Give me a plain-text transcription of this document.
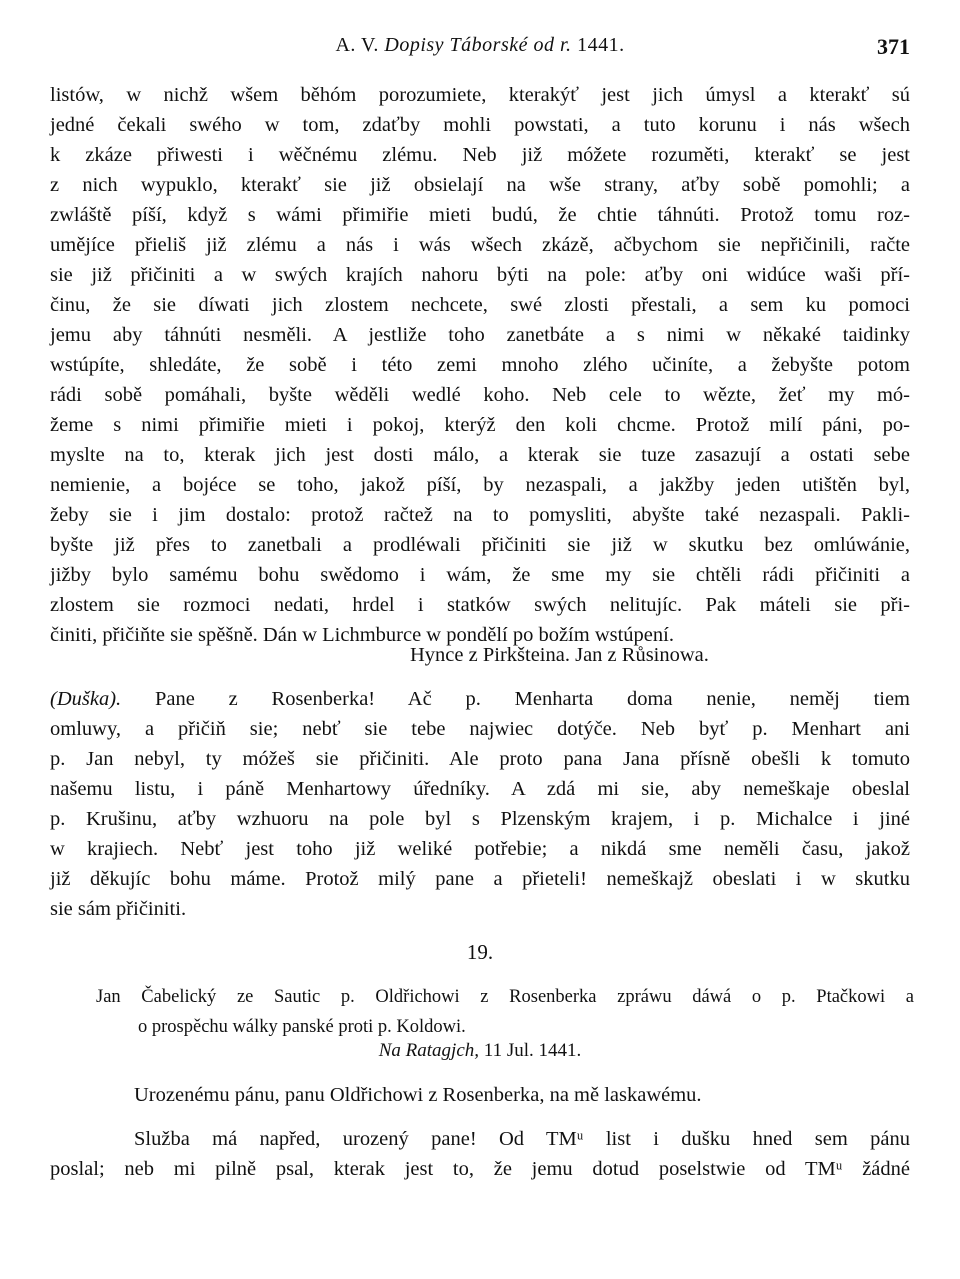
A. V. Dopisy Táborské od r. 1441.	371
listów, w nichž wšem běhóm porozumiete, kterakýť jest jich úmysl a kterakť sú
jedné čekali swého w tom, zdaťby mohli powstati, a tuto korunu i nás wšech
k zkáze přiwesti i wěčnému zlému. Neb již móžete rozuměti, kterakť se jest
z nich wypuklo, kterakť sie již obsielají na wše strany, aťby sobě pomohli; a
zwláště píší, když s wámi přimiřie mieti budú, že chtie táhnúti. Protož tomu roz-
umějíce přieliš již zlému a nás i wás wšech zkázě, ačbychom sie nepřičinili, račte
sie již přičiniti a w swých krajích nahoru býti na pole: aťby oni widúce waši pří-
činu, že sie díwati jich zlostem nechcete, swé zlosti přestali, a sem ku pomoci
jemu aby táhnúti nesměli. A jestliže toho zanetbáte a s nimi w někaké taidinky
wstúpíte, shledáte, že sobě i této zemi mnoho zlého učiníte, a žebyšte potom
rádi sobě pomáhali, byšte wěděli wedlé koho. Neb cele to wězte, žeť my mó-
žeme s nimi přimiřie mieti i pokoj, kterýž den koli chcme. Protož milí páni, po-
myslte na to, kterak jich jest dosti málo, a kterak sie tuze zasazují a ostati sebe
nemienie, a bojéce se toho, jakož píší, by nezaspali, a jakžby jeden utištěn byl,
žeby sie i jim dostalo: protož račtež na to pomysliti, abyšte také nezaspali. Pakli-
byšte již přes to zanetbali a prodléwali přičiniti sie již w skutku bez omlúwánie,
jižby bylo samému bohu swědomo i wám, že sme my sie chtěli rádi přičiniti a
zlostem sie rozmoci nedati, hrdel i statków swých nelitujíc. Pak máteli sie při-
činiti, přičiňte sie spěšně. Dán w Lichmburce w pondělí po božím wstúpení.
Hynce z Pirkšteina. Jan z Růsinowa.
(Duška). Pane z Rosenberka! Ač p. Menharta doma nenie, neměj tiem
omluwy, a přičiň sie; nebť sie tebe najwiec dotýče. Neb byť p. Menhart ani
p. Jan nebyl, ty móžeš sie přičiniti. Ale proto pana Jana přísně obešli k tomuto
našemu listu, i páně Menhartowy úředníky. A zdá mi sie, aby nemeškaje obeslal
p. Krušinu, aťby wzhuoru na pole byl s Plzenským krajem, i p. Michalce i jiné
w krajiech. Nebť jest toho již weliké potřebie; a nikdá sme neměli času, jakož
již děkujíc bohu máme. Protož milý pane a přieteli! nemeškajž obeslati i w skutku
sie sám přičiniti.
19.
Jan Čabelický ze Sautic p. Oldřichowi z Rosenberka zpráwu dáwá o p. Ptačkowi a
o prospěchu wálky panské proti p. Koldowi.
Na Ratagjch, 11 Jul. 1441.
Urozenému pánu, panu Oldřichowi z Rosenberka, na mě laskawému.
Služba má napřed, urozený pane! Od TMᵘ list i dušku hned sem pánu
poslal; neb mi pilně psal, kterak jest to, že jemu dotud poselstwie od TMᵘ žádné
